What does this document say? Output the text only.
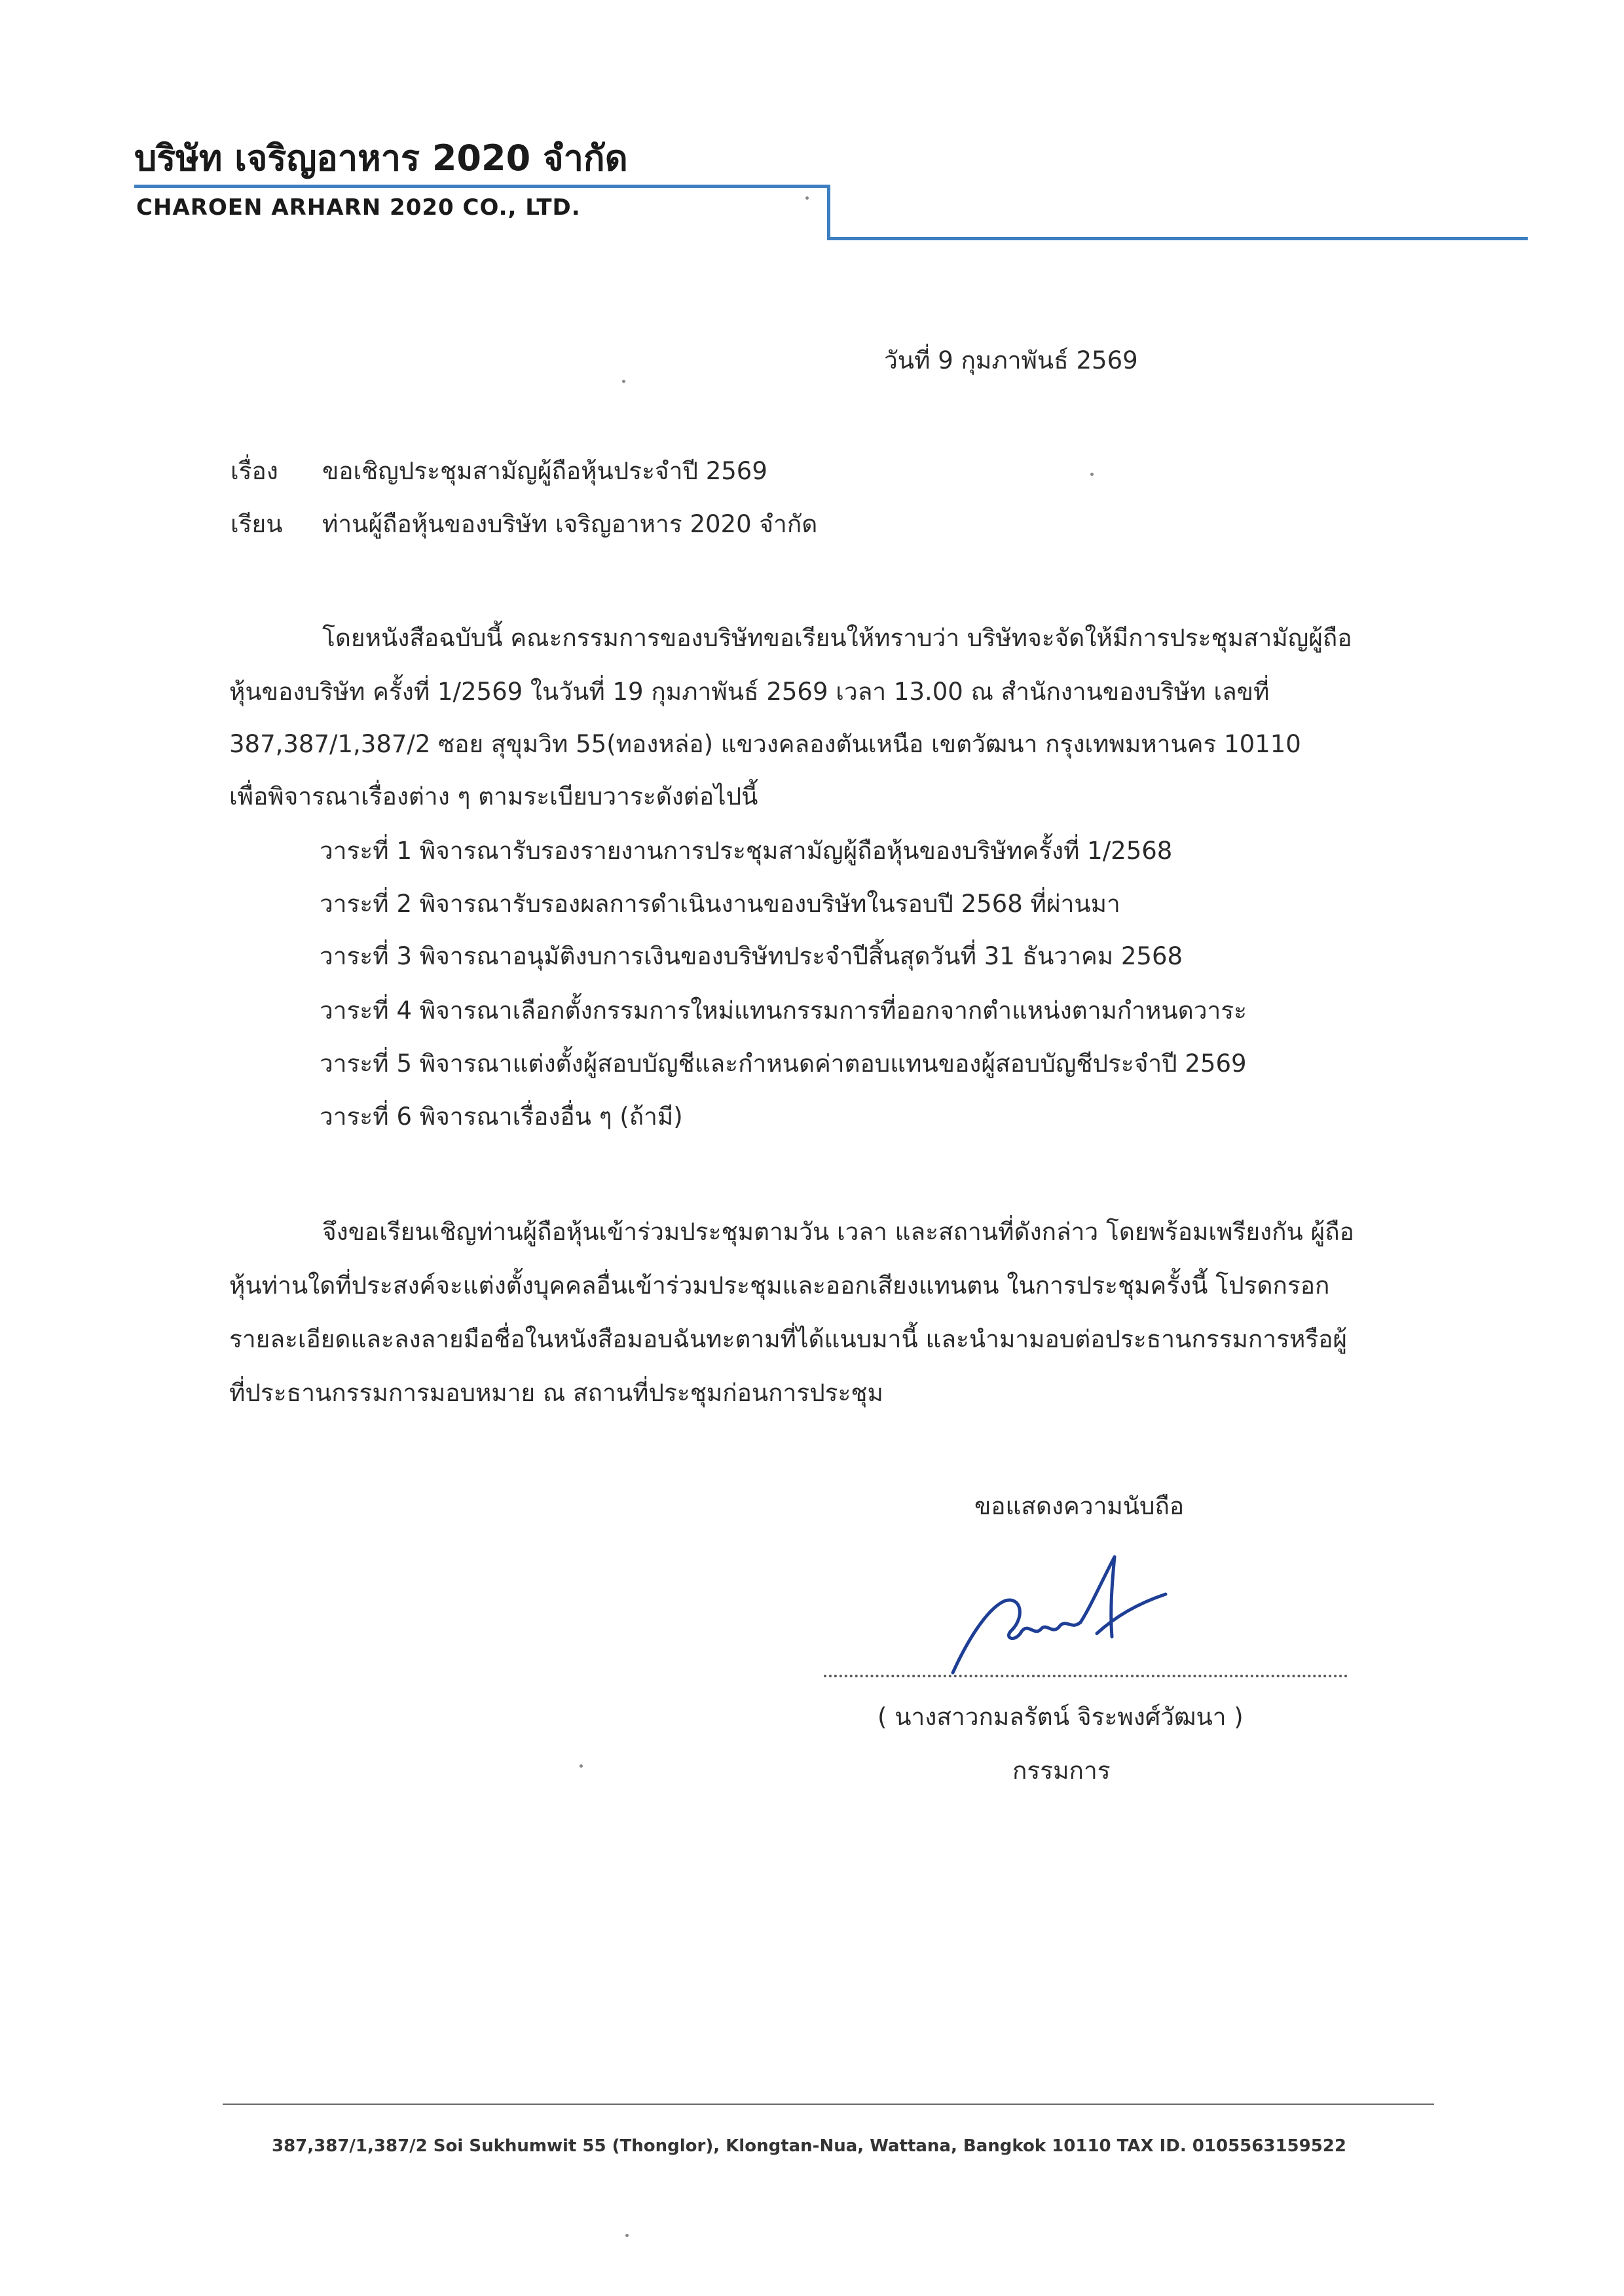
บริษัท เจริญอาหาร 2020 จำกัด
CHAROEN ARHARN 2020 CO., LTD.
วันที่ 9 กุมภาพันธ์ 2569
เรื่อง ขอเชิญประชุมสามัญผู้ถือหุ้นประจำปี 2569
เรียน ท่านผู้ถือหุ้นของบริษัท เจริญอาหาร 2020 จำกัด
โดยหนังสือฉบับนี้ คณะกรรมการของบริษัทขอเรียนให้ทราบว่า บริษัทจะจัดให้มีการประชุมสามัญผู้ถือ
หุ้นของบริษัท ครั้งที่ 1/2569 ในวันที่ 19 กุมภาพันธ์ 2569 เวลา 13.00 ณ สำนักงานของบริษัท เลขที่
387,387/1,387/2 ซอย สุขุมวิท 55(ทองหล่อ) แขวงคลองตันเหนือ เขตวัฒนา กรุงเทพมหานคร 10110
เพื่อพิจารณาเรื่องต่าง ๆ ตามระเบียบวาระดังต่อไปนี้
วาระที่ 1 พิจารณารับรองรายงานการประชุมสามัญผู้ถือหุ้นของบริษัทครั้งที่ 1/2568
วาระที่ 2 พิจารณารับรองผลการดำเนินงานของบริษัทในรอบปี 2568 ที่ผ่านมา
วาระที่ 3 พิจารณาอนุมัติงบการเงินของบริษัทประจำปีสิ้นสุดวันที่ 31 ธันวาคม 2568
วาระที่ 4 พิจารณาเลือกตั้งกรรมการใหม่แทนกรรมการที่ออกจากตำแหน่งตามกำหนดวาระ
วาระที่ 5 พิจารณาแต่งตั้งผู้สอบบัญชีและกำหนดค่าตอบแทนของผู้สอบบัญชีประจำปี 2569
วาระที่ 6 พิจารณาเรื่องอื่น ๆ (ถ้ามี)
จึงขอเรียนเชิญท่านผู้ถือหุ้นเข้าร่วมประชุมตามวัน เวลา และสถานที่ดังกล่าว โดยพร้อมเพรียงกัน ผู้ถือ
หุ้นท่านใดที่ประสงค์จะแต่งตั้งบุคคลอื่นเข้าร่วมประชุมและออกเสียงแทนตน ในการประชุมครั้งนี้ โปรดกรอก
รายละเอียดและลงลายมือชื่อในหนังสือมอบฉันทะตามที่ได้แนบมานี้ และนำมามอบต่อประธานกรรมการหรือผู้
ที่ประธานกรรมการมอบหมาย ณ สถานที่ประชุมก่อนการประชุม
ขอแสดงความนับถือ
( นางสาวกมลรัตน์ จิระพงศ์วัฒนา )
กรรมการ
387,387/1,387/2 Soi Sukhumwit 55 (Thonglor), Klongtan-Nua, Wattana, Bangkok 10110 TAX ID. 0105563159522
